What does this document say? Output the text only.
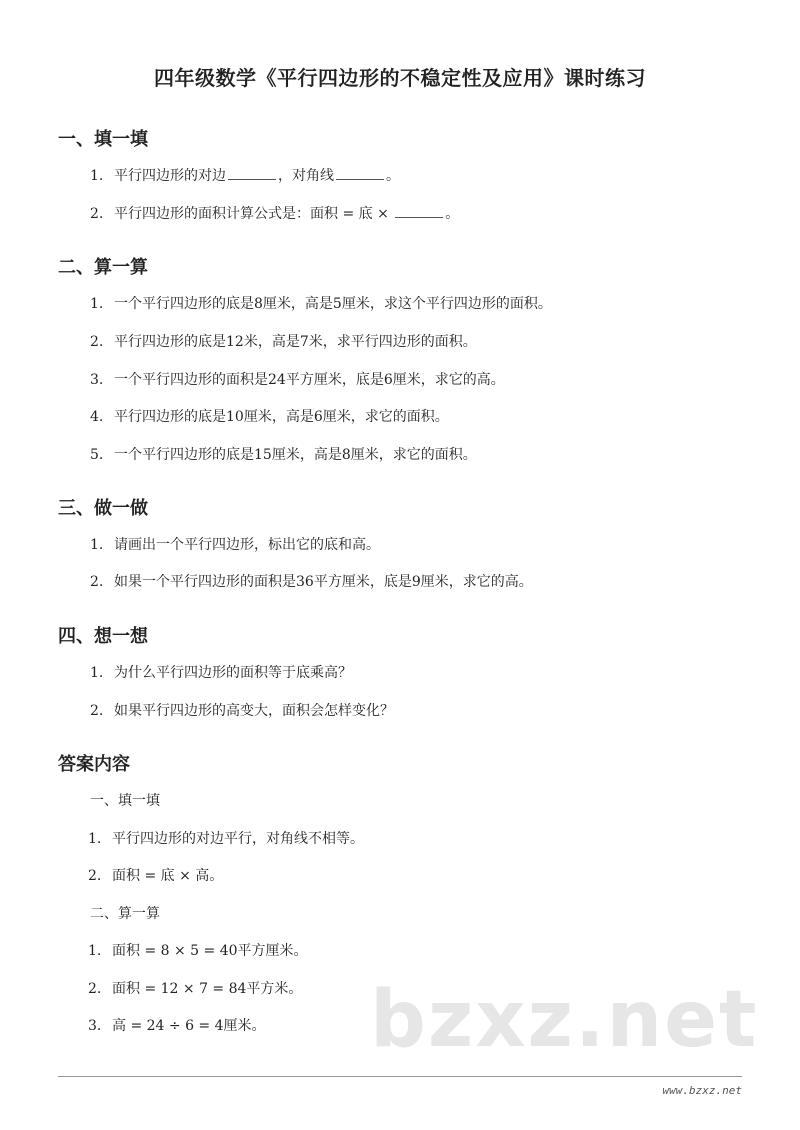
四年级数学《平行四边形的不稳定性及应用》课时练习
一、填一填
1. 平行四边形的对边	，对角线	。
2. 平行四边形的面积计算公式是：面积 = 底 ×	。
二、算一算
1. 一个平行四边形的底是8厘米，高是5厘米，求这个平行四边形的面积。
2. 平行四边形的底是12米，高是7米，求平行四边形的面积。
3. 一个平行四边形的面积是24平方厘米，底是6厘米，求它的高。
4. 平行四边形的底是10厘米，高是6厘米，求它的面积。
5. 一个平行四边形的底是15厘米，高是8厘米，求它的面积。
三、做一做
1. 请画出一个平行四边形，标出它的底和高。
2. 如果一个平行四边形的面积是36平方厘米，底是9厘米，求它的高。
四、想一想
1. 为什么平行四边形的面积等于底乘高？
2. 如果平行四边形的高变大，面积会怎样变化？
答案内容
一、填一填
1. 平行四边形的对边平行，对角线不相等。
2. 面积 = 底 × 高。
二、算一算
1. 面积 = 8 × 5 = 40平方厘米。
2. 面积 = 12 × 7 = 84平方米。
3. 高 = 24 ÷ 6 = 4厘米。 bzxz.net
www.bzxz.net
